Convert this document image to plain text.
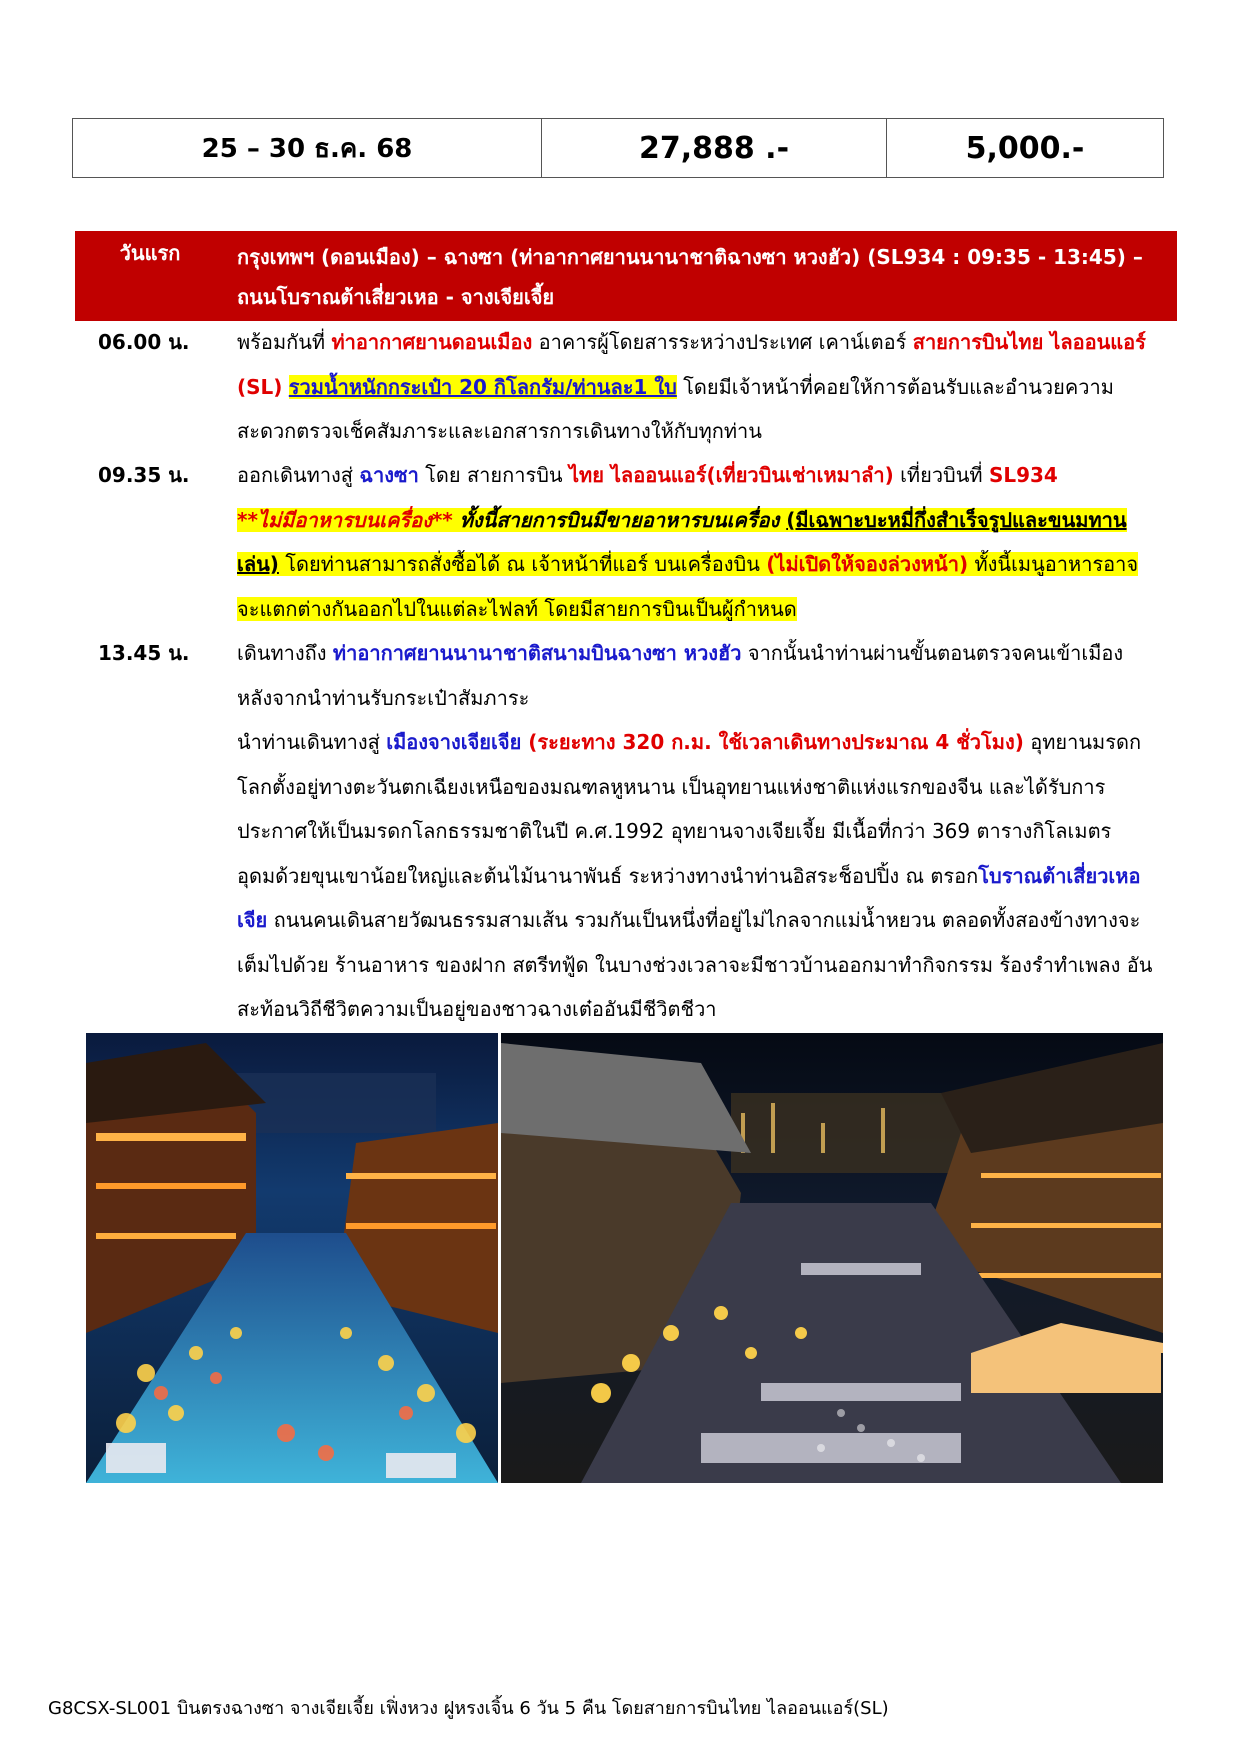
25 – 30 ธ.ค. 68	27,888 .-	5,000.-
วันแรก	กรุงเทพฯ (ดอนเมือง) – ฉางซา (ท่าอากาศยานนานาชาติฉางซา หวงฮัว) (SL934 : 09:35 - 13:45) – ถนนโบราณต้าเสี่ยวเหอ - จางเจียเจี้ย
06.00 น.	พร้อมกันที่ ท่าอากาศยานดอนเมือง อาคารผู้โดยสารระหว่างประเทศ เคาน์เตอร์ สายการบินไทย ไลออนแอร์ (SL) รวมน้ำหนักกระเป๋า 20 กิโลกรัม/ท่านละ1 ใบ โดยมีเจ้าหน้าที่คอยให้การต้อนรับและอำนวยความสะดวกตรวจเช็คสัมภาระและเอกสารการเดินทางให้กับทุกท่าน
09.35 น.	ออกเดินทางสู่ ฉางซา โดย สายการบิน ไทย ไลออนแอร์(เที่ยวบินเช่าเหมาลำ) เที่ยวบินที่ SL934
**ไม่มีอาหารบนเครื่อง** ทั้งนี้สายการบินมีขายอาหารบนเครื่อง (มีเฉพาะบะหมี่กึ่งสำเร็จรูปและขนมทานเล่น) โดยท่านสามารถสั่งซื้อได้ ณ เจ้าหน้าที่แอร์ บนเครื่องบิน (ไม่เปิดให้จองล่วงหน้า) ทั้งนี้เมนูอาหารอาจจะแตกต่างกันออกไปในแต่ละไฟลท์ โดยมีสายการบินเป็นผู้กำหนด
13.45 น.	เดินทางถึง ท่าอากาศยานนานาชาติสนามบินฉางซา หวงฮัว จากนั้นนำท่านผ่านขั้นตอนตรวจคนเข้าเมือง หลังจากนำท่านรับกระเป๋าสัมภาระ
นำท่านเดินทางสู่ เมืองจางเจียเจีย (ระยะทาง 320 ก.ม. ใช้เวลาเดินทางประมาณ 4 ชั่วโมง) อุทยานมรดกโลกตั้งอยู่ทางตะวันตกเฉียงเหนือของมณฑลหูหนาน เป็นอุทยานแห่งชาติแห่งแรกของจีน และได้รับการประกาศให้เป็นมรดกโลกธรรมชาติในปี ค.ศ.1992 อุทยานจางเจียเจี้ย มีเนื้อที่กว่า 369 ตารางกิโลเมตร อุดมด้วยขุนเขาน้อยใหญ่และต้นไม้นานาพันธ์ ระหว่างทางนำท่านอิสระช็อปปิ้ง ณ ตรอกโบราณต้าเสี่ยวเหอเจีย ถนนคนเดินสายวัฒนธรรมสามเส้น รวมกันเป็นหนึ่งที่อยู่ไม่ไกลจากแม่น้ำหยวน ตลอดทั้งสองข้างทางจะเต็มไปด้วย ร้านอาหาร ของฝาก สตรีทฟู้ด ในบางช่วงเวลาจะมีชาวบ้านออกมาทำกิจกรรม ร้องรำทำเพลง อันสะท้อนวิถีชีวิตความเป็นอยู่ของชาวฉางเต๋ออันมีชีวิตชีวา
G8CSX-SL001 บินตรงฉางซา จางเจียเจี้ย เฟิ่งหวง ฝูหรงเจิ้น 6 วัน 5 คืน โดยสายการบินไทย ไลออนแอร์(SL)
